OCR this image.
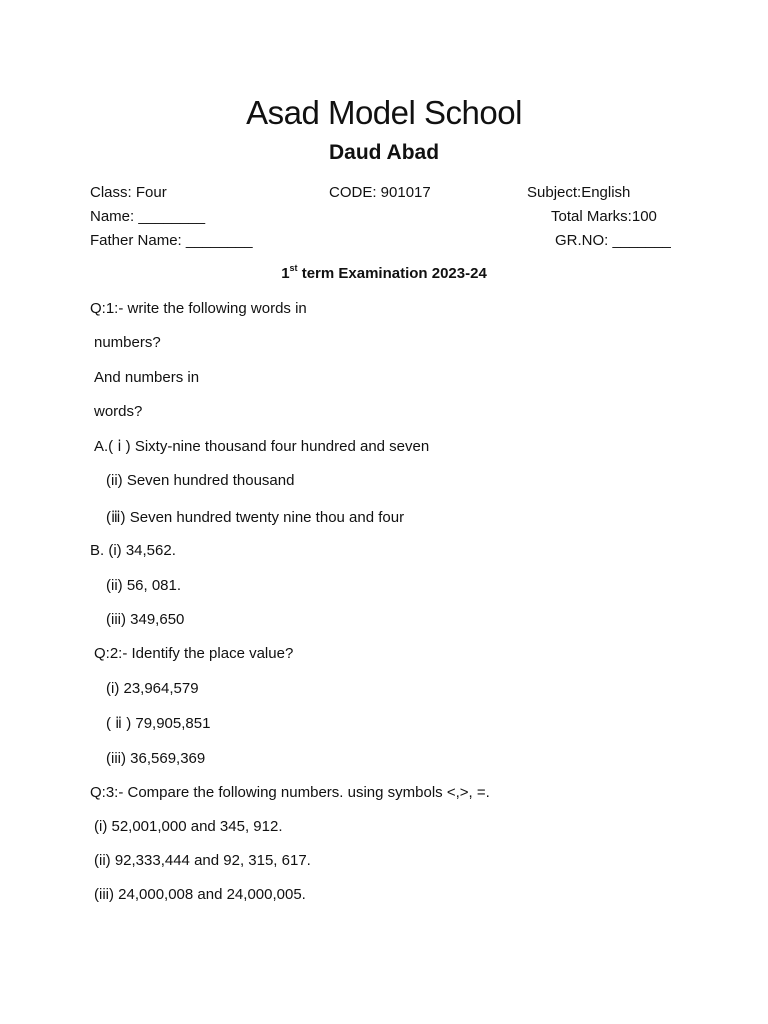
Asad Model School
Daud Abad
Class: Four	CODE: 901017	Subject:English
Name: ________	Total Marks:100
Father Name: ________	GR.NO: _______
1st term Examination 2023-24
Q:1:- write the following words in
numbers?
And numbers in
words?
A.( ⅰ ) Sixty-nine thousand four hundred and seven
(ii) Seven hundred thousand
(ⅲ) Seven hundred twenty nine thou and four
B. (i) 34,562.
(ii) 56, 081.
(iii) 349,650
Q:2:- Identify the place value?
(i) 23,964,579
( ⅱ ) 79,905,851
(iii) 36,569,369
Q:3:- Compare the following numbers. using symbols <,>, =.
(i) 52,001,000 and 345, 912.
(ii) 92,333,444 and 92, 315, 617.
(iii) 24,000,008 and 24,000,005.
